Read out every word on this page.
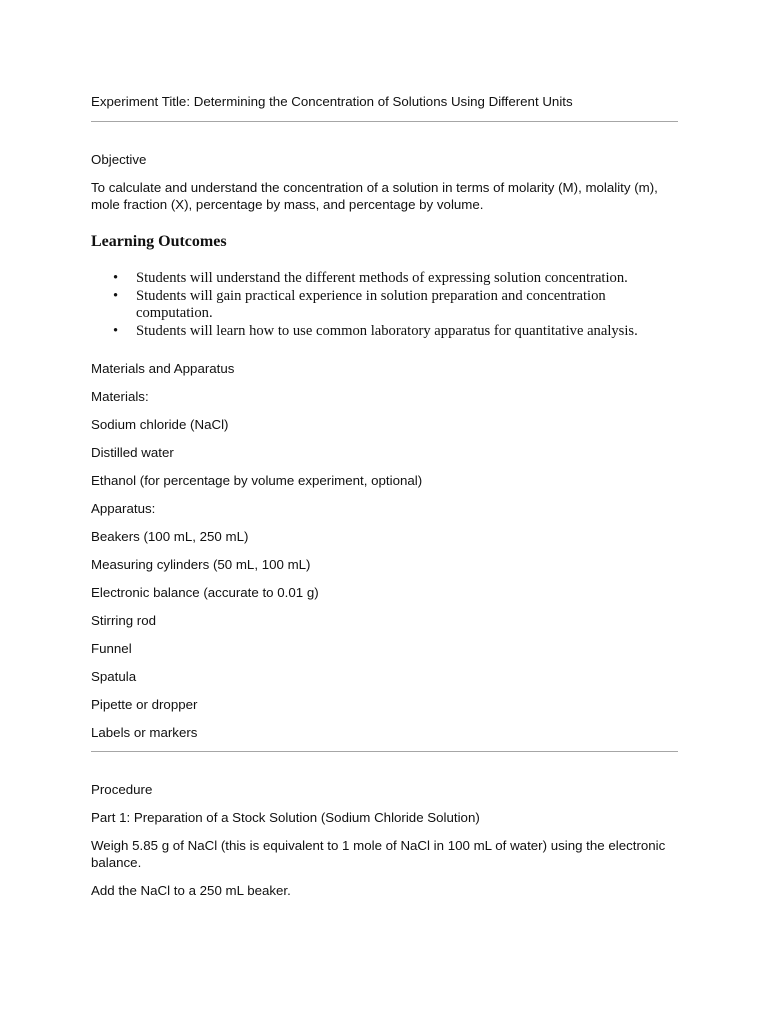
Experiment Title: Determining the Concentration of Solutions Using Different Units

Objective

To calculate and understand the concentration of a solution in terms of molarity (M), molality (m), mole fraction (X), percentage by mass, and percentage by volume.

Learning Outcomes
• Students will understand the different methods of expressing solution concentration.
• Students will gain practical experience in solution preparation and concentration computation.
• Students will learn how to use common laboratory apparatus for quantitative analysis.

Materials and Apparatus

Materials:

Sodium chloride (NaCl)

Distilled water

Ethanol (for percentage by volume experiment, optional)

Apparatus:

Beakers (100 mL, 250 mL)

Measuring cylinders (50 mL, 100 mL)

Electronic balance (accurate to 0.01 g)

Stirring rod

Funnel

Spatula

Pipette or dropper

Labels or markers

Procedure

Part 1: Preparation of a Stock Solution (Sodium Chloride Solution)

Weigh 5.85 g of NaCl (this is equivalent to 1 mole of NaCl in 100 mL of water) using the electronic balance.

Add the NaCl to a 250 mL beaker.
